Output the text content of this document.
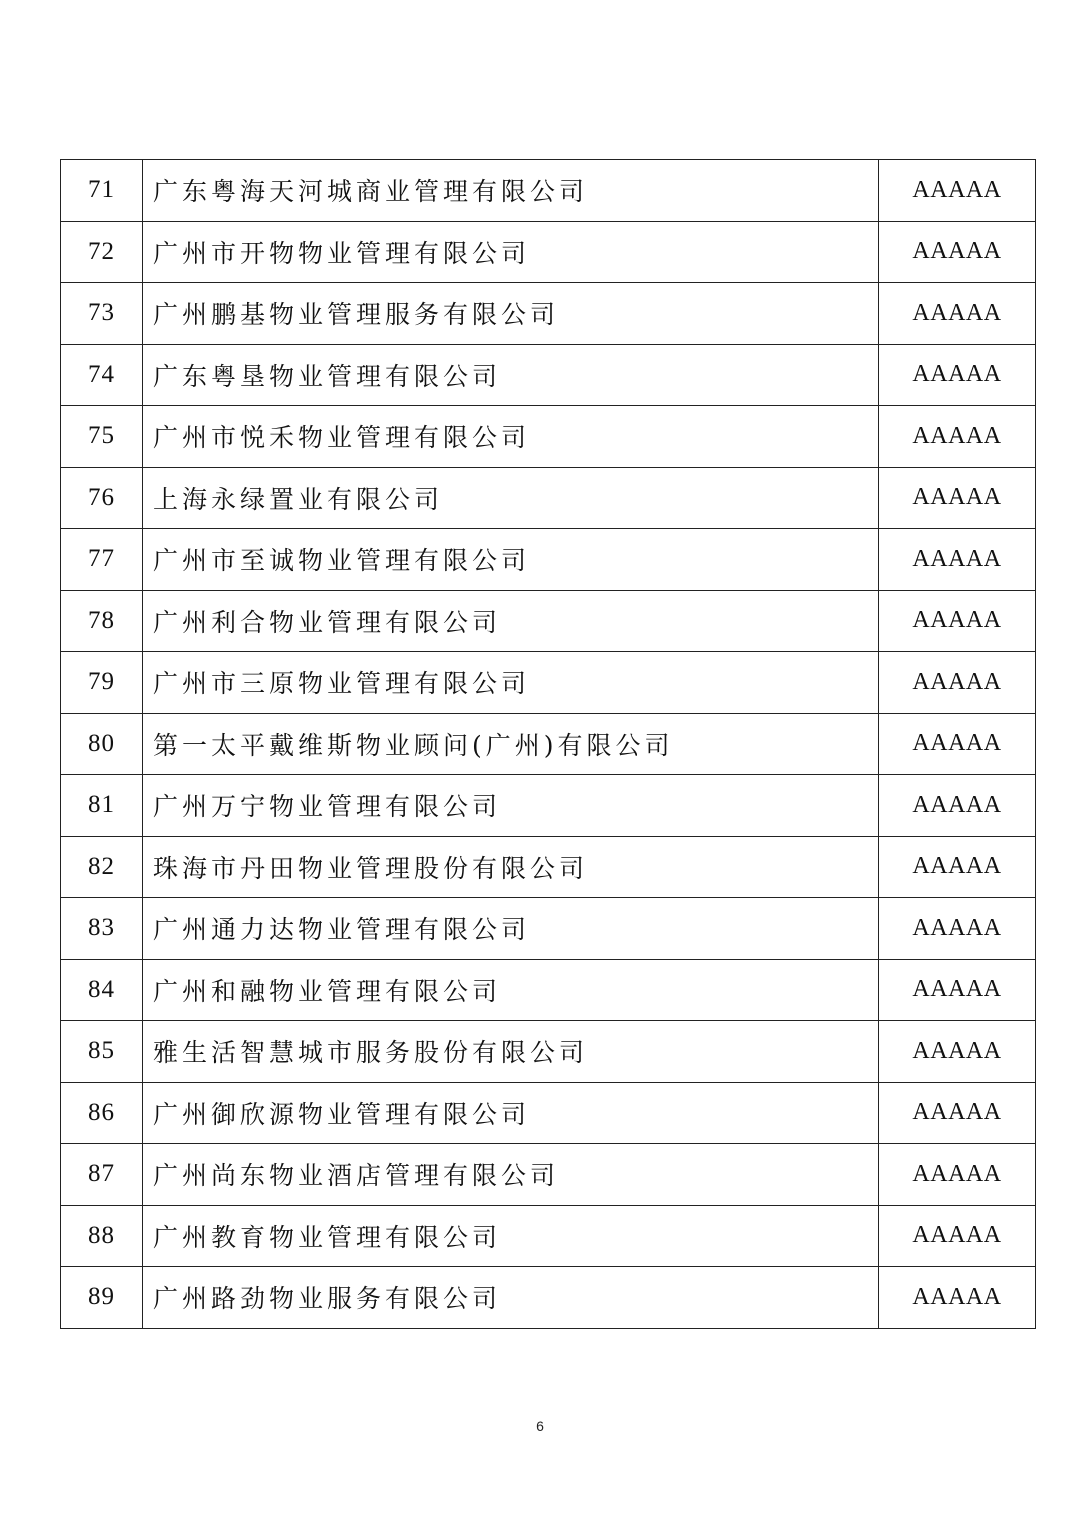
71	广东粤海天河城商业管理有限公司	AAAAA
72	广州市开物物业管理有限公司	AAAAA
73	广州鹏基物业管理服务有限公司	AAAAA
74	广东粤垦物业管理有限公司	AAAAA
75	广州市悦禾物业管理有限公司	AAAAA
76	上海永绿置业有限公司	AAAAA
77	广州市至诚物业管理有限公司	AAAAA
78	广州利合物业管理有限公司	AAAAA
79	广州市三原物业管理有限公司	AAAAA
80	第一太平戴维斯物业顾问(广州)有限公司	AAAAA
81	广州万宁物业管理有限公司	AAAAA
82	珠海市丹田物业管理股份有限公司	AAAAA
83	广州通力达物业管理有限公司	AAAAA
84	广州和融物业管理有限公司	AAAAA
85	雅生活智慧城市服务股份有限公司	AAAAA
86	广州御欣源物业管理有限公司	AAAAA
87	广州尚东物业酒店管理有限公司	AAAAA
88	广州教育物业管理有限公司	AAAAA
89	广州路劲物业服务有限公司	AAAAA
6
